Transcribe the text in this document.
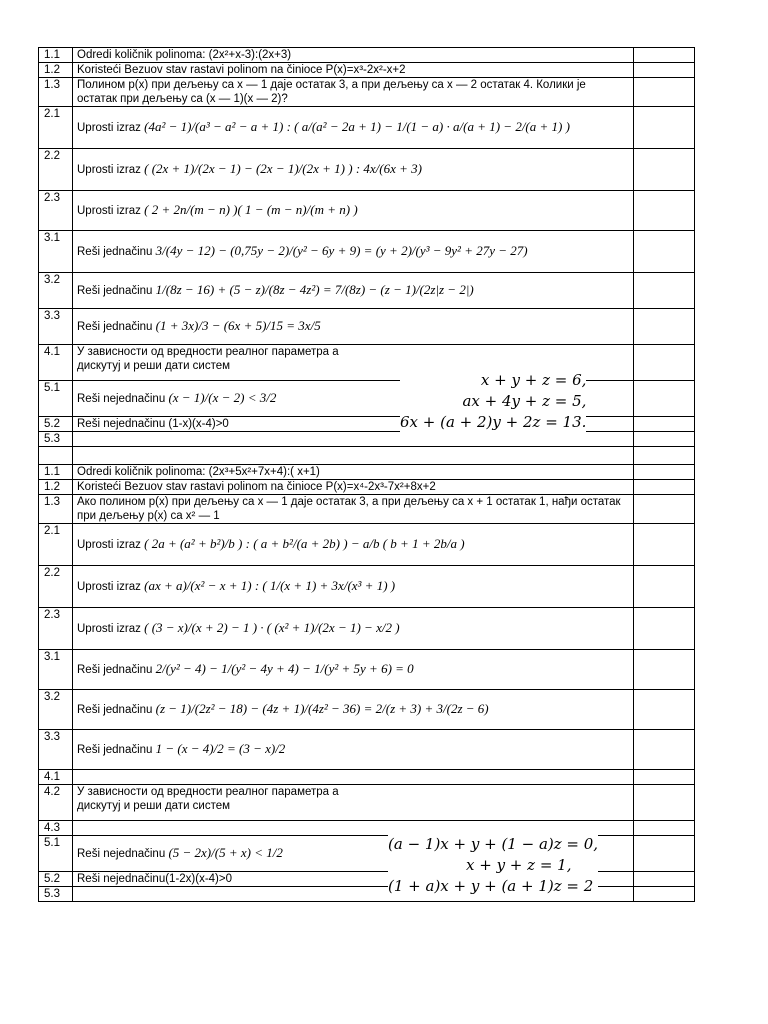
1.1	Odredi količnik polinoma: (2x²+x-3):(2x+3)	

1.2	Koristeći Bezuov stav rastavi polinom na činioce P(x)=x³-2x²-x+2	

1.3	Полином p(x) при дељењу са x — 1 даје остатак 3, а при дељењу са x — 2 остатак 4. Колики је остатак при дељењу са (x — 1)(x — 2)?	

2.1	Uprosti izraz (4a² − 1)/(a³ − a² − a + 1) : ( a/(a² − 2a + 1) − 1/(1 − a) · a/(a + 1) − 2/(a + 1) )	
2.2	Uprosti izraz ( (2x + 1)/(2x − 1) − (2x − 1)/(2x + 1) ) : 4x/(6x + 3)	
2.3	Uprosti izraz ( 2 + 2n/(m − n) )( 1 − (m − n)/(m + n) )	
3.1	Reši jednačinu 3/(4y − 12) − (0,75y − 2)/(y² − 6y + 9) = (y + 2)/(y³ − 9y² + 27y − 27)	
3.2	Reši jednačinu 1/(8z − 16) + (5 − z)/(8z − 4z²) = 7/(8z) − (z − 1)/(2z|z − 2|)	
3.3	Reši jednačinu (1 + 3x)/3 − (6x + 5)/15 = 3x/5	
4.1	У зависности од вредности реалног параметра а дискутуј и реши дати систем	

5.1	Reši nejednačinu (x − 1)/(x − 2) < 3/2	
5.2	Reši nejednačinu (1-x)(x-4)>0	

5.3	

1.1	Odredi količnik polinoma: (2x³+5x²+7x+4):( x+1)	

1.2	Koristeći Bezuov stav rastavi polinom na činioce P(x)=x⁴-2x³-7x²+8x+2	

1.3	Ако полином p(x) при дељењу са x — 1 даје остатак 3, а при дељењу са x + 1 остатак 1, нађи остатак при дељењу p(x) са x² — 1	

2.1	Uprosti izraz ( 2a + (a² + b²)/b ) : ( a + b²/(a + 2b) ) − a/b ( b + 1 + 2b/a )	
2.2	Uprosti izraz (ax + a)/(x² − x + 1) : ( 1/(x + 1) + 3x/(x³ + 1) )	
2.3	Uprosti izraz ( (3 − x)/(x + 2) − 1 ) · ( (x² + 1)/(2x − 1) − x/2 )	
3.1	Reši jednačinu 2/(y² − 4) − 1/(y² − 4y + 4) − 1/(y² + 5y + 6) = 0	
3.2	Reši jednačinu (z − 1)/(2z² − 18) − (4z + 1)/(4z² − 36) = 2/(z + 3) + 3/(2z − 6)	
3.3	Reši jednačinu 1 − (x − 4)/2 = (3 − x)/2	
4.1	

4.2	У зависности од вредности реалног параметра а дискутуј и реши дати систем	

4.3	

5.1	Reši nejednačinu (5 − 2x)/(5 + x) < 1/2	
5.2	Reši nejednačinu(1-2x)(x-4)>0	

5.3	

x + y + z = 6,
ax + 4y + z = 5,
6x + (a + 2)y + 2z = 13.
(a − 1)x + y + (1 − a)z = 0,
x + y + z = 1,
(1 + a)x + y + (a + 1)z = 2
